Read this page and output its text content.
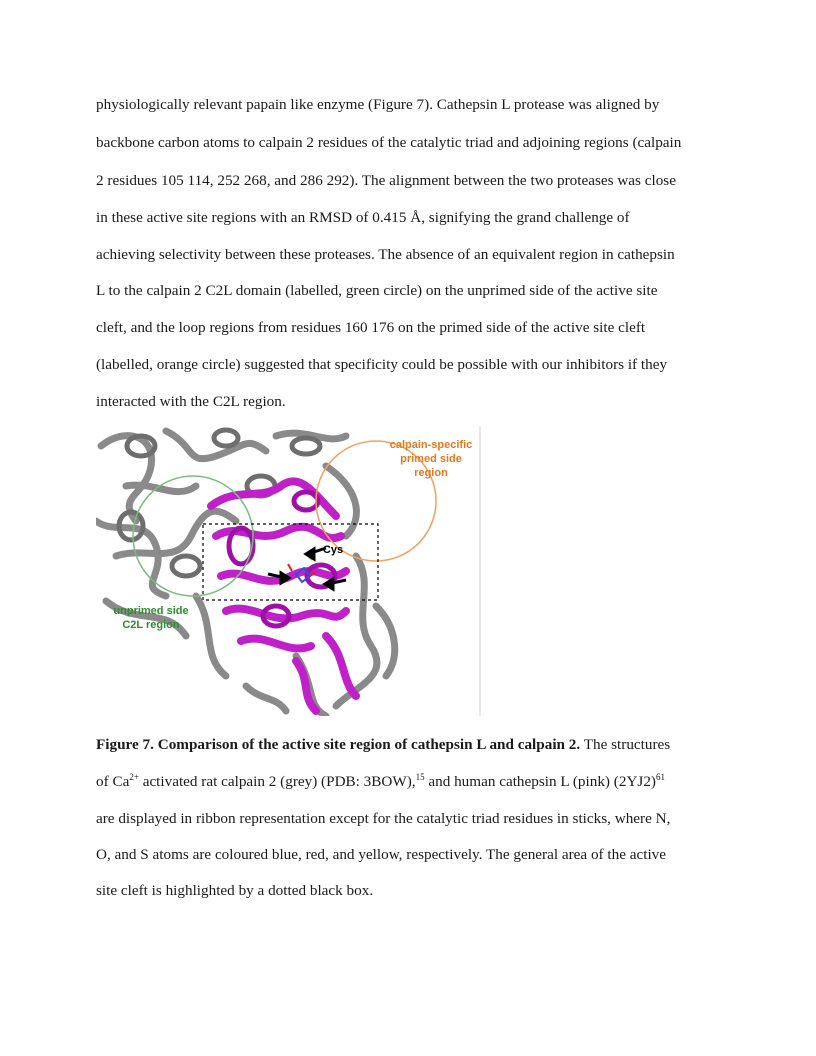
physiologically relevant papain like enzyme (Figure 7). Cathepsin L protease was aligned by
backbone carbon atoms to calpain 2 residues of the catalytic triad and adjoining regions (calpain
2 residues 105 114, 252 268, and 286 292). The alignment between the two proteases was close
in these active site regions with an RMSD of 0.415 Å, signifying the grand challenge of
achieving selectivity between these proteases. The absence of an equivalent region in cathepsin
L to the calpain 2 C2L domain (labelled, green circle) on the unprimed side of the active site
cleft, and the loop regions from residues 160 176 on the primed side of the active site cleft
(labelled, orange circle) suggested that specificity could be possible with our inhibitors if they
interacted with the C2L region.
Cys
calpain-specific
primed side
region
unprimed side
C2L region
Figure 7. Comparison of the active site region of cathepsin L and calpain 2. The structures
of $Ca^{2+}$ activated rat calpain 2 (grey) (PDB: 3BOW),$^{15}$ and human cathepsin L (pink) $(2YJ2)^{61}$
are displayed in ribbon representation except for the catalytic triad residues in sticks, where N,
O, and S atoms are coloured blue, red, and yellow, respectively. The general area of the active
site cleft is highlighted by a dotted black box.
